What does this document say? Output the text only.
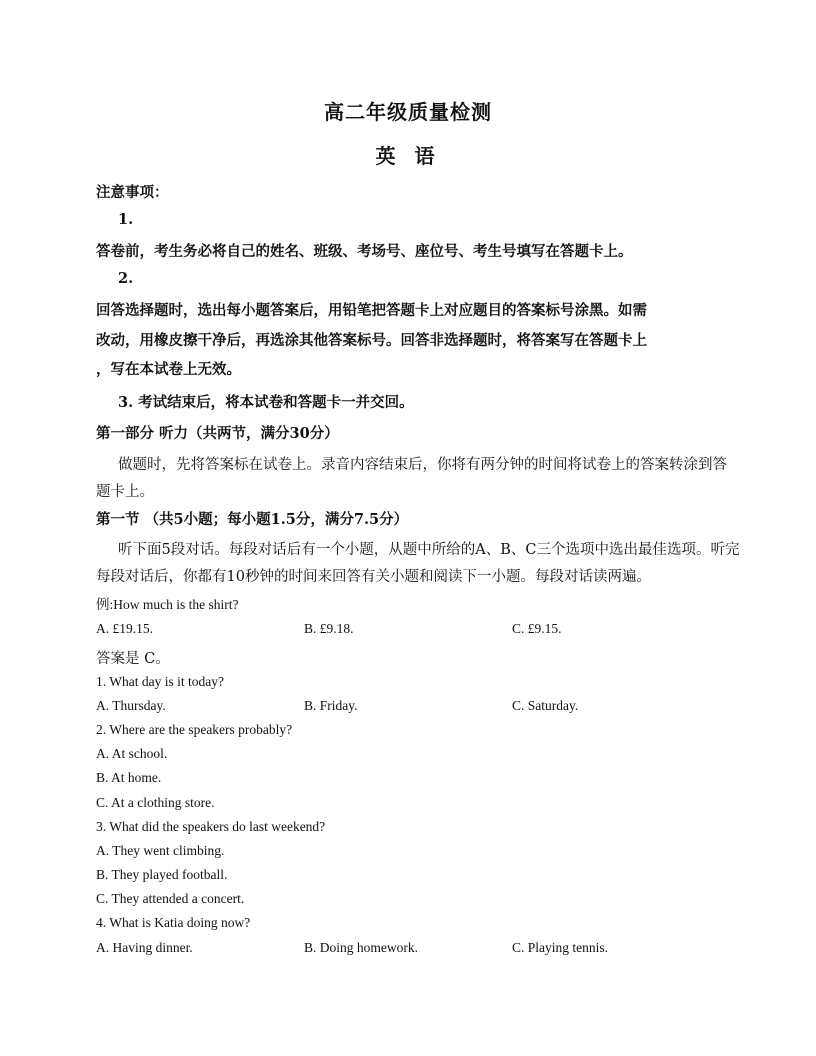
高二年级质量检测
英 语
注意事项：
1.
答卷前，考生务必将自己的姓名、班级、考场号、座位号、考生号填写在答题卡上。
2.
回答选择题时，选出每小题答案后，用铅笔把答题卡上对应题目的答案标号涂黑。如需
改动，用橡皮擦干净后，再选涂其他答案标号。回答非选择题时，将答案写在答题卡上
，写在本试卷上无效。
3. 考试结束后，将本试卷和答题卡一并交回。
第一部分 听力（共两节，满分30分）
做题时，先将答案标在试卷上。录音内容结束后，你将有两分钟的时间将试卷上的答案转涂到答
题卡上。
第一节 （共5小题；每小题1.5分，满分7.5分）
听下面5段对话。每段对话后有一个小题，从题中所给的A、B、C三个选项中选出最佳选项。听完
每段对话后，你都有10秒钟的时间来回答有关小题和阅读下一小题。每段对话读两遍。
例:How much is the shirt?
A. £19.15.	B. £9.18.	C. £9.15.
答案是 C。
1. What day is it today?
A. Thursday.	B. Friday.	C. Saturday.
2. Where are the speakers probably?
A. At school.
B. At home.
C. At a clothing store.
3. What did the speakers do last weekend?
A. They went climbing.
B. They played football.
C. They attended a concert.
4. What is Katia doing now?
A. Having dinner.	B. Doing homework.	C. Playing tennis.
